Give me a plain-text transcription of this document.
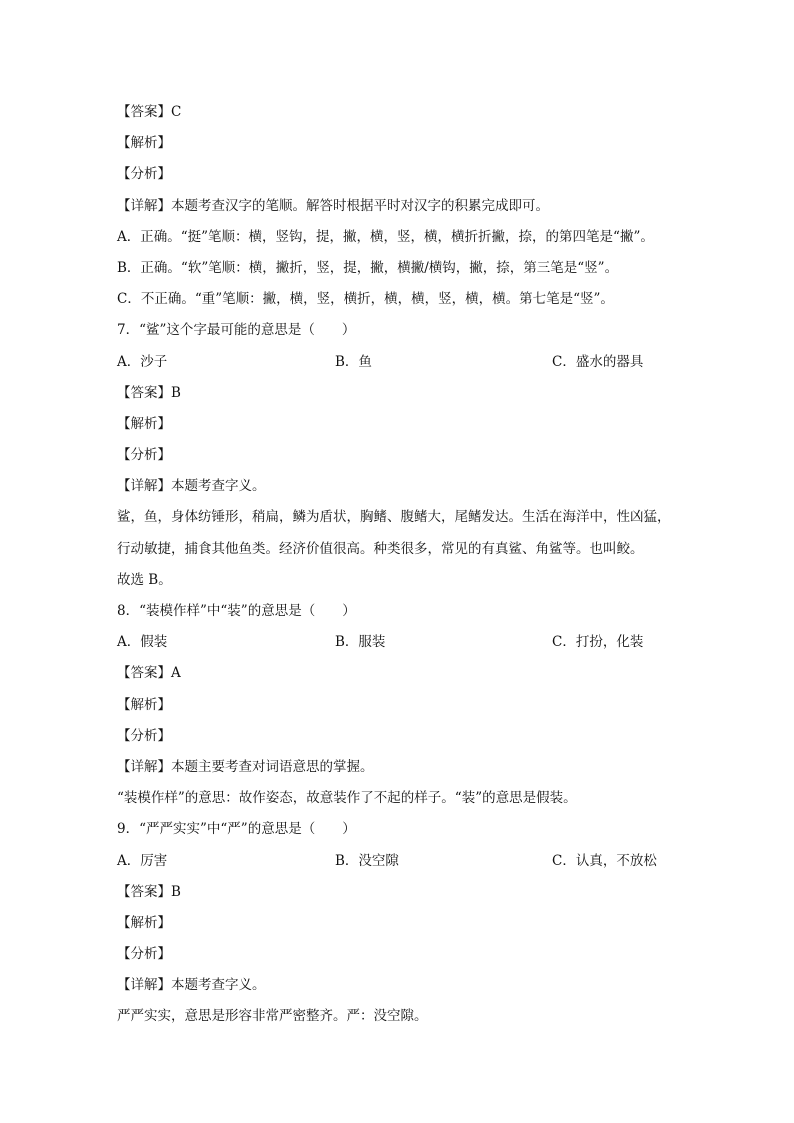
【答案】C
【解析】
【分析】
【详解】本题考查汉字的笔顺。解答时根据平时对汉字的积累完成即可。
A．正确。“挺”笔顺：横，竖钩，提，撇，横，竖，横，横折折撇，捺，的第四笔是“撇”。
B．正确。“软”笔顺：横，撇折，竖，提，撇，横撇/横钩，撇，捺，第三笔是“竖”。
C．不正确。“重”笔顺：撇，横，竖，横折，横，横，竖，横，横。第七笔是“竖”。
7．“鲨”这个字最可能的意思是（　　）
A．沙子	B．鱼	C．盛水的器具
【答案】B
【解析】
【分析】
【详解】本题考查字义。
鲨，鱼，身体纺锤形，稍扁，鳞为盾状，胸鳍、腹鳍大，尾鳍发达。生活在海洋中，性凶猛，
行动敏捷，捕食其他鱼类。经济价值很高。种类很多，常见的有真鲨、角鲨等。也叫鲛。
故选 B。
8．“装模作样”中“装”的意思是（　　）
A．假装	B．服装	C．打扮，化装
【答案】A
【解析】
【分析】
【详解】本题主要考查对词语意思的掌握。
“装模作样”的意思：故作姿态，故意装作了不起的样子。“装”的意思是假装。
9．“严严实实”中“严”的意思是（　　）
A．厉害	B．没空隙	C．认真，不放松
【答案】B
【解析】
【分析】
【详解】本题考查字义。
严严实实，意思是形容非常严密整齐。严：没空隙。
